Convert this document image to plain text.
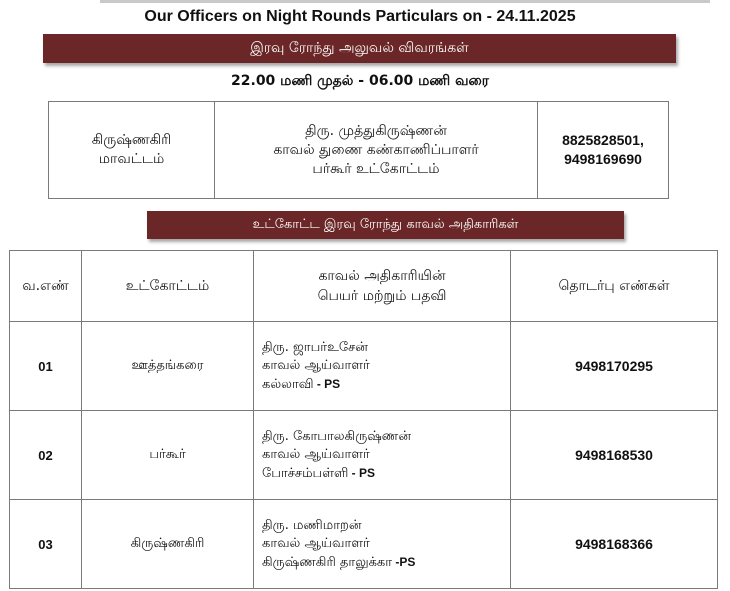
Our Officers on Night Rounds Particulars on - 24.11.2025
இரவு ரோந்து அலுவல் விவரங்கள்
22.00 மணி முதல் - 06.00 மணி வரை
கிருஷ்ணகிரி
மாவட்டம்

திரு. முத்துகிருஷ்ணன்
காவல் துணை கண்காணிப்பாளர்
பர்கூர் உட்கோட்டம்

8825828501,
9498169690
உட்கோட்ட இரவு ரோந்து காவல் அதிகாரிகள்
வ.எண்	உட்கோட்டம்	காவல் அதிகாரியின்
பெயர் மற்றும் பதவி	தொடர்பு எண்கள்
01	ஊத்தங்கரை	திரு. ஜாபர்உசேன்
காவல் ஆய்வாளர்
கல்லாவி - PS	9498170295
02	பர்கூர்	திரு. கோபாலகிருஷ்ணன்
காவல் ஆய்வாளர்
போச்சம்பள்ளி - PS	9498168530
03	கிருஷ்ணகிரி	திரு. மணிமாறன்
காவல் ஆய்வாளர்
கிருஷ்ணகிரி தாலுக்கா -PS	9498168366
